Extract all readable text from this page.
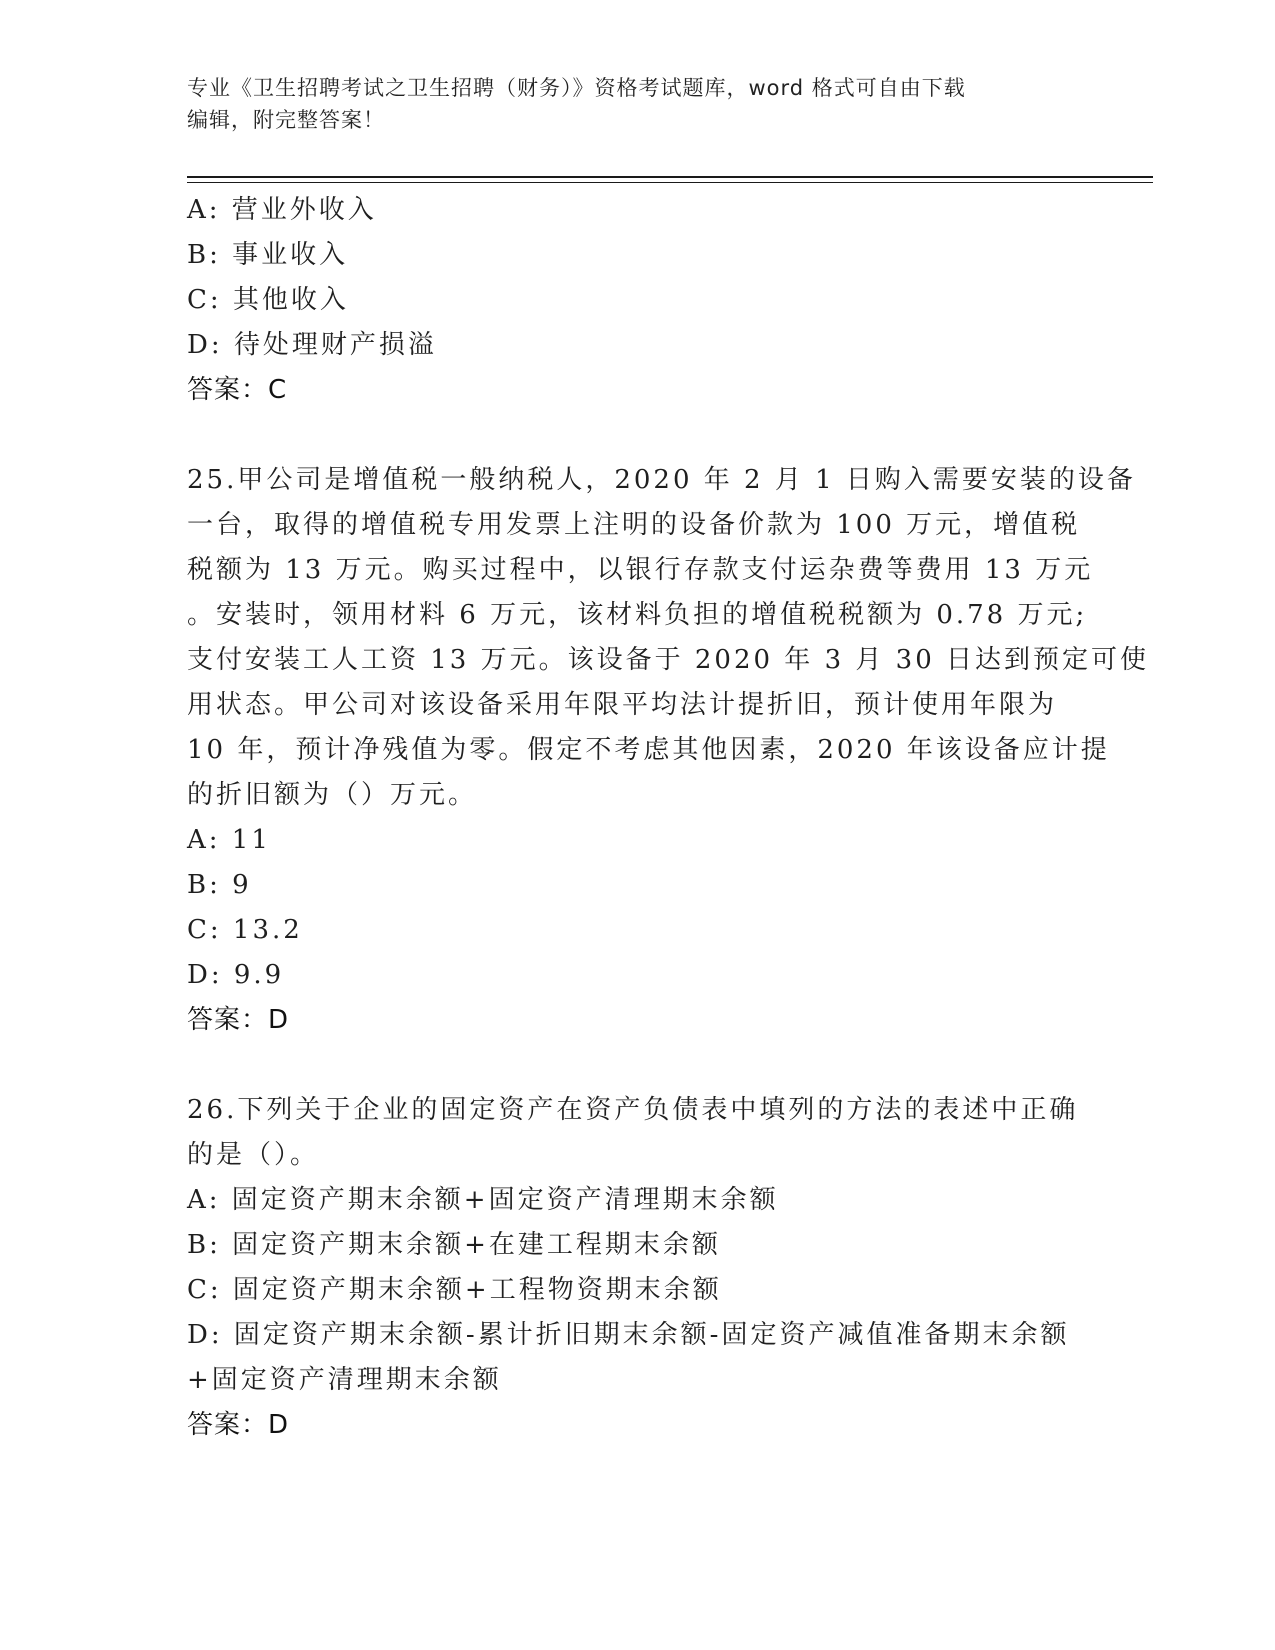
专业《卫生招聘考试之卫生招聘（财务）》资格考试题库，word 格式可自由下载
编辑，附完整答案！
A: 营业外收入
B: 事业收入
C: 其他收入
D: 待处理财产损溢
答案：C
25.甲公司是增值税一般纳税人，2020 年 2 月 1 日购入需要安装的设备
一台，取得的增值税专用发票上注明的设备价款为 100 万元，增值税
税额为 13 万元。购买过程中，以银行存款支付运杂费等费用 13 万元
。安装时，领用材料 6 万元，该材料负担的增值税税额为 0.78 万元;
支付安装工人工资 13 万元。该设备于 2020 年 3 月 30 日达到预定可使
用状态。甲公司对该设备采用年限平均法计提折旧，预计使用年限为
10 年，预计净残值为零。假定不考虑其他因素，2020 年该设备应计提
的折旧额为（）万元。
A: 11
B: 9
C: 13.2
D: 9.9
答案：D
26.下列关于企业的固定资产在资产负债表中填列的方法的表述中正确
的是（）。
A: 固定资产期末余额+固定资产清理期末余额
B: 固定资产期末余额+在建工程期末余额
C: 固定资产期末余额+工程物资期末余额
D: 固定资产期末余额-累计折旧期末余额-固定资产减值准备期末余额
+固定资产清理期末余额
答案：D
